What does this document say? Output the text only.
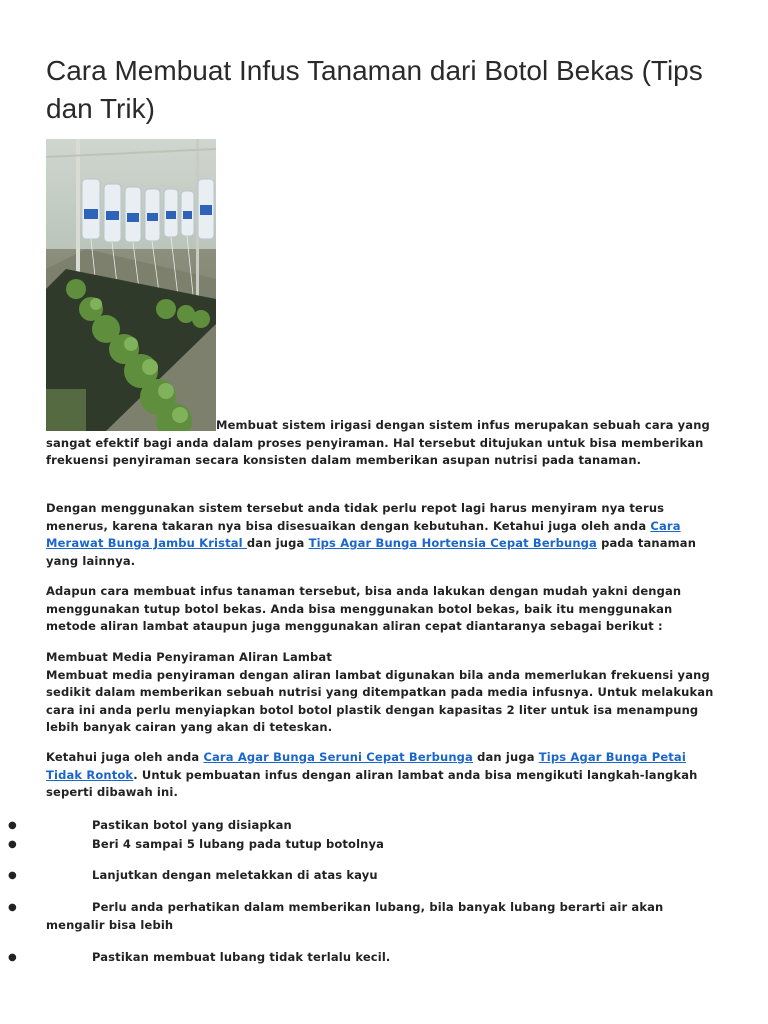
Cara Membuat Infus Tanaman dari Botol Bekas (Tips dan Trik)
Membuat sistem irigasi dengan sistem infus merupakan sebuah cara yang sangat efektif bagi anda dalam proses penyiraman. Hal tersebut ditujukan untuk bisa memberikan frekuensi penyiraman secara konsisten dalam memberikan asupan nutrisi pada tanaman.

Dengan menggunakan sistem tersebut anda tidak perlu repot lagi harus menyiram nya terus menerus, karena takaran nya bisa disesuaikan dengan kebutuhan. Ketahui juga oleh anda Cara Merawat Bunga Jambu Kristal dan juga Tips Agar Bunga Hortensia Cepat Berbunga pada tanaman yang lainnya.

Adapun cara membuat infus tanaman tersebut, bisa anda lakukan dengan mudah yakni dengan menggunakan tutup botol bekas. Anda bisa menggunakan botol bekas, baik itu menggunakan metode aliran lambat ataupun juga menggunakan aliran cepat diantaranya sebagai berikut :

Membuat Media Penyiraman Aliran Lambat
Membuat media penyiraman dengan aliran lambat digunakan bila anda memerlukan frekuensi yang sedikit dalam memberikan sebuah nutrisi yang ditempatkan pada media infusnya. Untuk melakukan cara ini anda perlu menyiapkan botol botol plastik dengan kapasitas 2 liter untuk isa menampung lebih banyak cairan yang akan di teteskan.

Ketahui juga oleh anda Cara Agar Bunga Seruni Cepat Berbunga dan juga Tips Agar Bunga Petai Tidak Rontok. Untuk pembuatan infus dengan aliran lambat anda bisa mengikuti langkah-langkah seperti dibawah ini.

●	Pastikan botol yang disiapkan
●	Beri 4 sampai 5 lubang pada tutup botolnya
●	Lanjutkan dengan meletakkan di atas kayu
●	Perlu anda perhatikan dalam memberikan lubang, bila banyak lubang berarti air akan mengalir bisa lebih
●	Pastikan membuat lubang tidak terlalu kecil.
